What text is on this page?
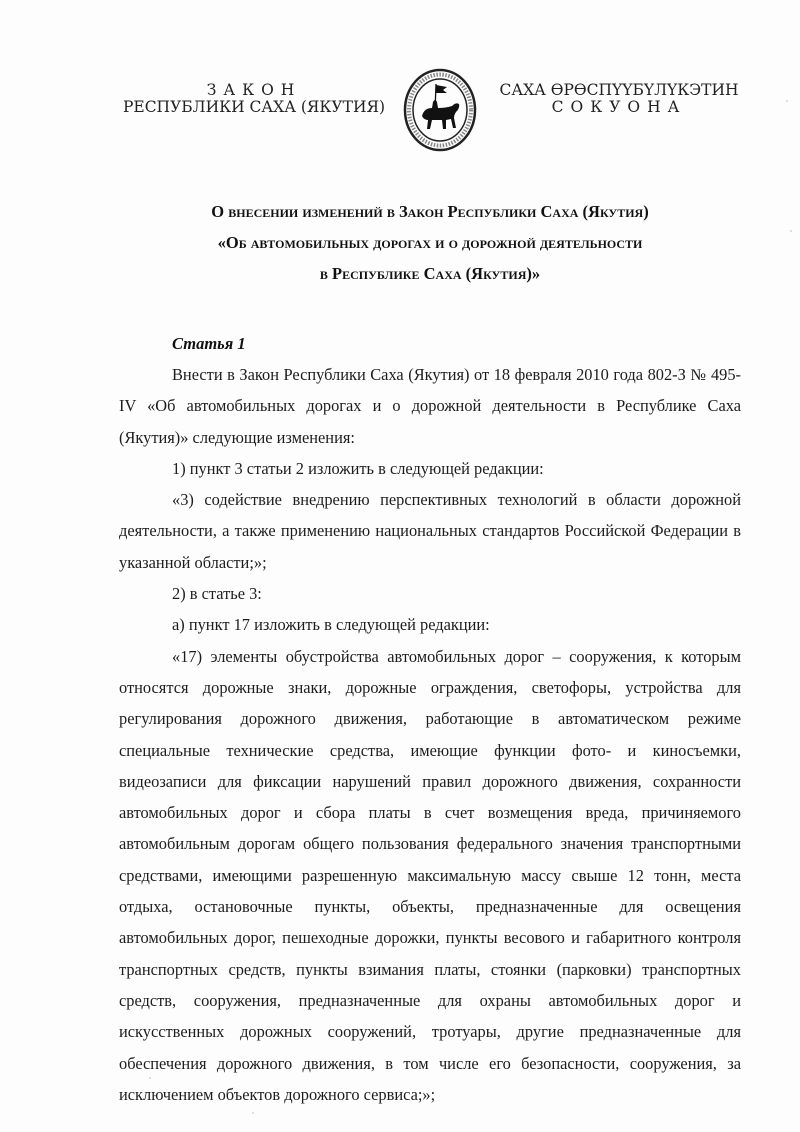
ЗАКОН
РЕСПУБЛИКИ САХА (ЯКУТИЯ)
САХА ӨРӨСПҮҮБҮЛҮКЭТИН
СОКУОНА
О внесении изменений в Закон Республики Саха (Якутия)
«Об автомобильных дорогах и о дорожной деятельности
в Республике Саха (Якутия)»
Статья 1

Внести в Закон Республики Саха (Якутия) от 18 февраля 2010 года 802-З № 495-IV «Об автомобильных дорогах и о дорожной деятельности в Республике Саха (Якутия)» следующие изменения:

1) пункт 3 статьи 2 изложить в следующей редакции:

«3) содействие внедрению перспективных технологий в области дорожной деятельности, а также применению национальных стандартов Российской Федерации в указанной области;»;

2) в статье 3:

а) пункт 17 изложить в следующей редакции:

«17) элементы обустройства автомобильных дорог – сооружения, к которым относятся дорожные знаки, дорожные ограждения, светофоры, устройства для регулирования дорожного движения, работающие в автоматическом режиме специальные технические средства, имеющие функции фото- и киносъемки, видеозаписи для фиксации нарушений правил дорожного движения, сохранности автомобильных дорог и сбора платы в счет возмещения вреда, причиняемого автомобильным дорогам общего пользования федерального значения транспортными средствами, имеющими разрешенную максимальную массу свыше 12 тонн, места отдыха, остановочные пункты, объекты, предназначенные для освещения автомобильных дорог, пешеходные дорожки, пункты весового и габаритного контроля транспортных средств, пункты взимания платы, стоянки (парковки) транспортных средств, сооружения, предназначенные для охраны автомобильных дорог и искусственных дорожных сооружений, тротуары, другие предназначенные для обеспечения дорожного движения, в том числе его безопасности, сооружения, за исключением объектов дорожного сервиса;»;
